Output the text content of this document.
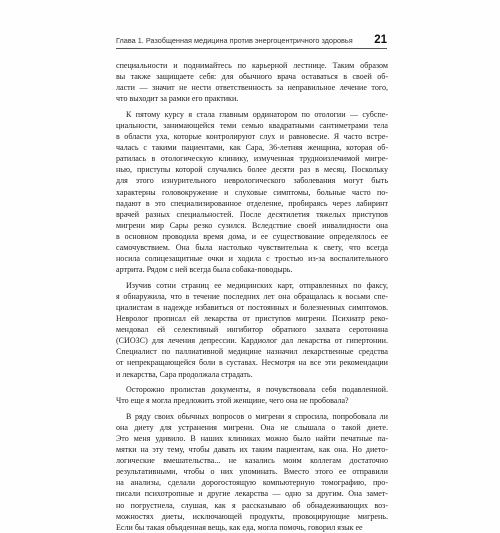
Глава 1. Разобщенная медицина против энергоцентричного здоровья 21
специальности и поднимайтесь по карьерной лестнице. Таким образом
вы также защищаете себя: для обычного врача оставаться в своей об-
ласти — значит не нести ответственность за неправильное лечение того,
что выходит за рамки его практики.
К пятому курсу я стала главным ординатором по отологии — субспе-
циальности, занимающейся теми семью квадратными сантиметрами тела
в области уха, которые контролируют слух и равновесие. Я часто встре-
чалась с такими пациентами, как Сара, 36-летняя женщина, которая об-
ратилась в отологическую клинику, измученная трудноизлечимой мигре-
нью, приступы которой случались более десяти раз в месяц. Поскольку
для этого изнурительного неврологического заболевания могут быть
характерны головокружение и слуховые симптомы, больные часто по-
падают в это специализированное отделение, пробираясь через лабиринт
врачей разных специальностей. После десятилетия тяжелых приступов
мигрени мир Сары резко сузился. Вследствие своей инвалидности она
в основном проводила время дома, и ее существование определялось ее
самочувствием. Она была настолько чувствительна к свету, что всегда
носила солнцезащитные очки и ходила с тростью из-за воспалительного
артрита. Рядом с ней всегда была собака-поводырь.
Изучив сотни страниц ее медицинских карт, отправленных по факсу,
я обнаружила, что в течение последних лет она обращалась к восьми спе-
циалистам в надежде избавиться от постоянных и болезненных симптомов.
Невролог прописал ей лекарства от приступов мигрени. Психиатр реко-
мендовал ей селективный ингибитор обратного захвата серотонина
(СИОЗС) для лечения депрессии. Кардиолог дал лекарства от гипертонии.
Специалист по паллиативной медицине назначил лекарственные средства
от непрекращающейся боли в суставах. Несмотря на все эти рекомендации
и лекарства, Сара продолжала страдать.
Осторожно пролистав документы, я почувствовала себя подавленной.
Что еще я могла предложить этой женщине, чего она не пробовала?
В ряду своих обычных вопросов о мигрени я спросила, попробовала ли
она диету для устранения мигрени. Она не слышала о такой диете.
Это меня удивило. В наших клиниках можно было найти печатные па-
мятки на эту тему, чтобы давать их таким пациентам, как она. Но дието-
логические вмешательства... не казались моим коллегам достаточно
результативными, чтобы о них упоминать. Вместо этого ее отправили
на анализы, сделали дорогостоящую компьютерную томографию, про-
писали психотропные и другие лекарства — одно за другим. Она замет-
но погрустнела, слушая, как я рассказываю об обнадеживающих воз-
можностях диеты, исключающей продукты, провоцирующие мигрень.
Если бы такая объяденная вещь, как еда, могла помочь, говорил язык ее
